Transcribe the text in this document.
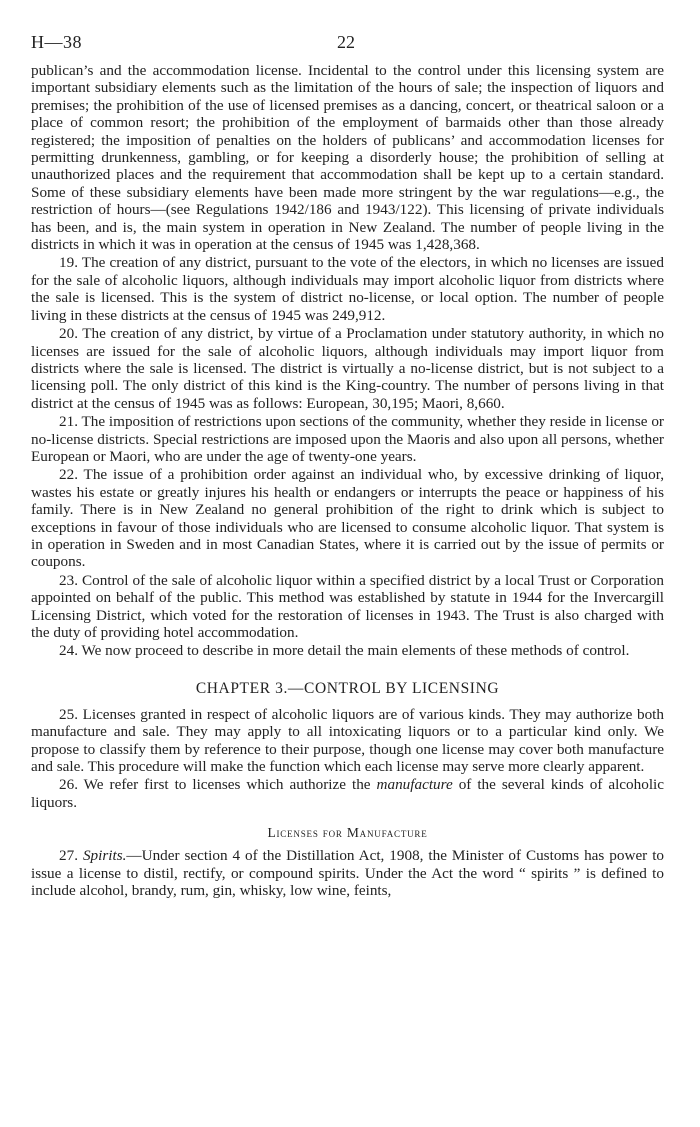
H—38	22

publican’s and the accommodation license. Incidental to the control under this licensing system are important subsidiary elements such as the limitation of the hours of sale; the inspection of liquors and premises; the prohibition of the use of licensed premises as a dancing, concert, or theatrical saloon or a place of common resort; the prohibition of the employment of barmaids other than those already registered; the imposition of penalties on the holders of publicans’ and accommodation licenses for permitting drunkenness, gambling, or for keeping a disorderly house; the prohibition of selling at unauthorized places and the requirement that accommodation shall be kept up to a certain standard. Some of these subsidiary elements have been made more stringent by the war regulations—e.g., the restriction of hours—(see Regulations 1942/186 and 1943/122). This licensing of private individuals has been, and is, the main system in operation in New Zealand. The number of people living in the districts in which it was in operation at the census of 1945 was 1,428,368.

19. The creation of any district, pursuant to the vote of the electors, in which no licenses are issued for the sale of alcoholic liquors, although individuals may import alcoholic liquor from districts where the sale is licensed. This is the system of district no-license, or local option. The number of people living in these districts at the census of 1945 was 249,912.

20. The creation of any district, by virtue of a Proclamation under statutory authority, in which no licenses are issued for the sale of alcoholic liquors, although individuals may import liquor from districts where the sale is licensed. The district is virtually a no-license district, but is not subject to a licensing poll. The only district of this kind is the King-country. The number of persons living in that district at the census of 1945 was as follows: European, 30,195; Maori, 8,660.

21. The imposition of restrictions upon sections of the community, whether they reside in license or no-license districts. Special restrictions are imposed upon the Maoris and also upon all persons, whether European or Maori, who are under the age of twenty-one years.

22. The issue of a prohibition order against an individual who, by excessive drinking of liquor, wastes his estate or greatly injures his health or endangers or interrupts the peace or happiness of his family. There is in New Zealand no general prohibition of the right to drink which is subject to exceptions in favour of those individuals who are licensed to consume alcoholic liquor. That system is in operation in Sweden and in most Canadian States, where it is carried out by the issue of permits or coupons.

23. Control of the sale of alcoholic liquor within a specified district by a local Trust or Corporation appointed on behalf of the public. This method was established by statute in 1944 for the Invercargill Licensing District, which voted for the restoration of licenses in 1943. The Trust is also charged with the duty of providing hotel accommodation.

24. We now proceed to describe in more detail the main elements of these methods of control.

CHAPTER 3.—CONTROL BY LICENSING

25. Licenses granted in respect of alcoholic liquors are of various kinds. They may authorize both manufacture and sale. They may apply to all intoxicating liquors or to a particular kind only. We propose to classify them by reference to their purpose, though one license may cover both manufacture and sale. This procedure will make the function which each license may serve more clearly apparent.

26. We refer first to licenses which authorize the manufacture of the several kinds of alcoholic liquors.

Licenses for Manufacture

27. Spirits.—Under section 4 of the Distillation Act, 1908, the Minister of Customs has power to issue a license to distil, rectify, or compound spirits. Under the Act the word “ spirits ” is defined to include alcohol, brandy, rum, gin, whisky, low wine, feints,
